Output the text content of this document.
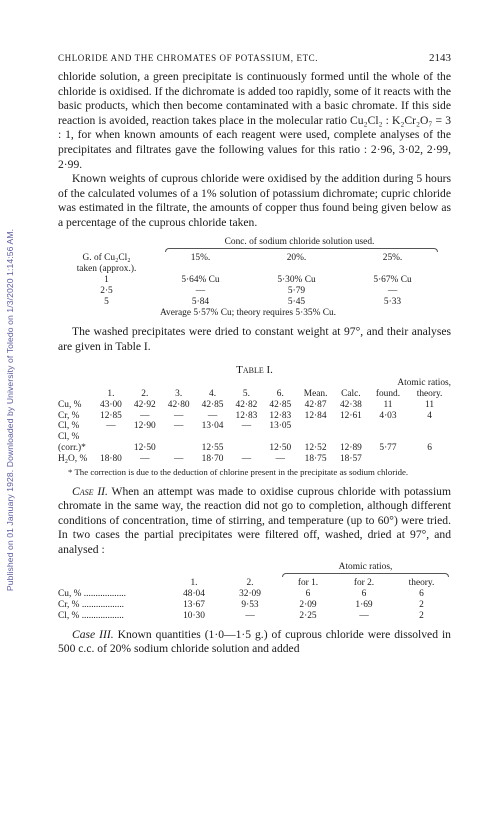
Published on 01 January 1928. Downloaded by University of Toledo on 1/3/2020 1:14:56 AM.
CHLORIDE AND THE CHROMATES OF POTASSIUM, ETC.	2143

chloride solution, a green precipitate is continuously formed until the whole of the chloride is oxidised. If the dichromate is added too rapidly, some of it reacts with the basic products, which then become contaminated with a basic chromate. If this side reaction is avoided, reaction takes place in the molecular ratio Cu₂Cl₂ : K₂Cr₂O₇ = 3 : 1, for when known amounts of each reagent were used, complete analyses of the precipitates and filtrates gave the following values for this ratio : 2·96, 3·02, 2·99, 2·99.

Known weights of cuprous chloride were oxidised by the addition during 5 hours of the calculated volumes of a 1% solution of potassium dichromate; cupric chloride was estimated in the filtrate, the amounts of copper thus found being given below as a percentage of the cuprous chloride taken.

	Conc. of sodium chloride solution used.		

G. of Cu₂Cl₂	15%.	20%.	25%.
taken (approx.).			
1	5·64% Cu	5·30% Cu	5·67% Cu
2·5	—	5·79	—
5	5·84	5·45	5·33
Average 5·57% Cu; theory requires 5·35% Cu.			

The washed precipitates were dried to constant weight at 97°, and their analyses are given in Table I.

Table I.
									Atomic ratios,	
	1.	2.	3.	4.	5.	6.	Mean.	Calc.	found.	theory.
Cu, %	43·00	42·92	42·80	42·85	42·82	42·85	42·87	42·38	11	11
Cr, %	12·85	—	—	—	12·83	12·83	12·84	12·61	4·03	4
Cl, %	—	12·90	—	13·04	—	13·05				
Cl, %										
(corr.)*		12·50		12·55		12·50	12·52	12·89	5·77	6
H₂O, %	18·80	—	—	18·70	—	—	18·75	18·57		
* The correction is due to the deduction of chlorine present in the precipitate as sodium chloride.

Case II. When an attempt was made to oxidise cuprous chloride with potassium chromate in the same way, the reaction did not go to completion, although different conditions of concentration, time of stirring, and temperature (up to 60°) were tried. In two cases the partial precipitates were filtered off, washed, dried at 97°, and analysed :

			Atomic ratios,		

	1.	2.	for 1.	for 2.	theory.
Cu, % ..................	48·04	32·09	6	6	6
Cr, % ..................	13·67	9·53	2·09	1·69	2
Cl, % ..................	10·30	—	2·25	—	2

Case III. Known quantities (1·0—1·5 g.) of cuprous chloride were dissolved in 500 c.c. of 20% sodium chloride solution and added
